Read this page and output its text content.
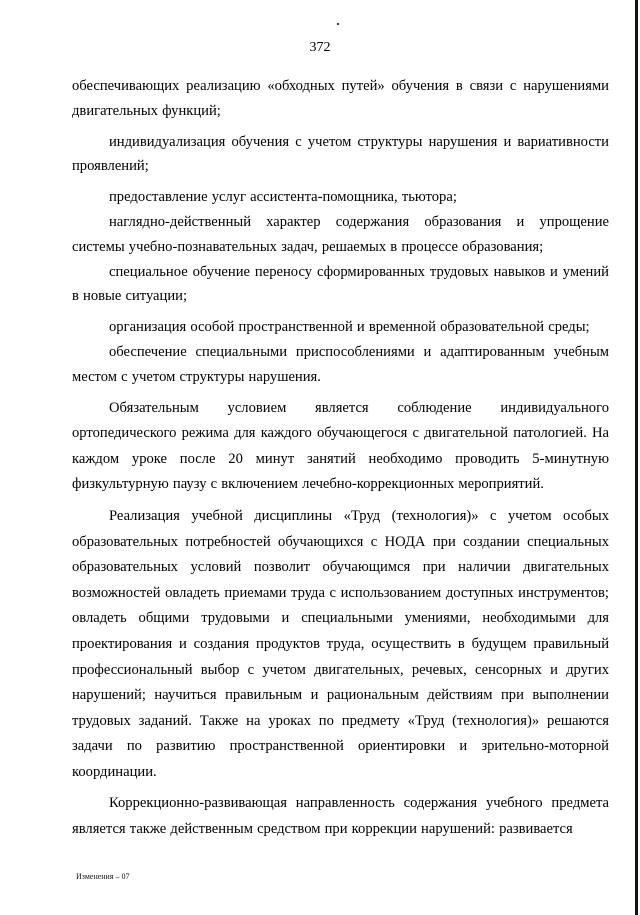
372

обеспечивающих реализацию «обходных путей» обучения в связи с нарушениями двигательных функций;

индивидуализация обучения с учетом структуры нарушения и вариативности проявлений;

предоставление услуг ассистента-помощника, тьютора;

наглядно-действенный характер содержания образования и упрощение системы учебно-познавательных задач, решаемых в процессе образования;

специальное обучение переносу сформированных трудовых навыков и умений в новые ситуации;

организация особой пространственной и временной образовательной среды;

обеспечение специальными приспособлениями и адаптированным учебным местом с учетом структуры нарушения.

Обязательным условием является соблюдение индивидуального ортопедического режима для каждого обучающегося с двигательной патологией. На каждом уроке после 20 минут занятий необходимо проводить 5-минутную физкультурную паузу с включением лечебно-коррекционных мероприятий.

Реализация учебной дисциплины «Труд (технология)» с учетом особых образовательных потребностей обучающихся с НОДА при создании специальных образовательных условий позволит обучающимся при наличии двигательных возможностей овладеть приемами труда с использованием доступных инструментов; овладеть общими трудовыми и специальными умениями, необходимыми для проектирования и создания продуктов труда, осуществить в будущем правильный профессиональный выбор с учетом двигательных, речевых, сенсорных и других нарушений; научиться правильным и рациональным действиям при выполнении трудовых заданий. Также на уроках по предмету «Труд (технология)» решаются задачи по развитию пространственной ориентировки и зрительно-моторной координации.

Коррекционно-развивающая направленность содержания учебного предмета является также действенным средством при коррекции нарушений: развивается

Изменения – 07
